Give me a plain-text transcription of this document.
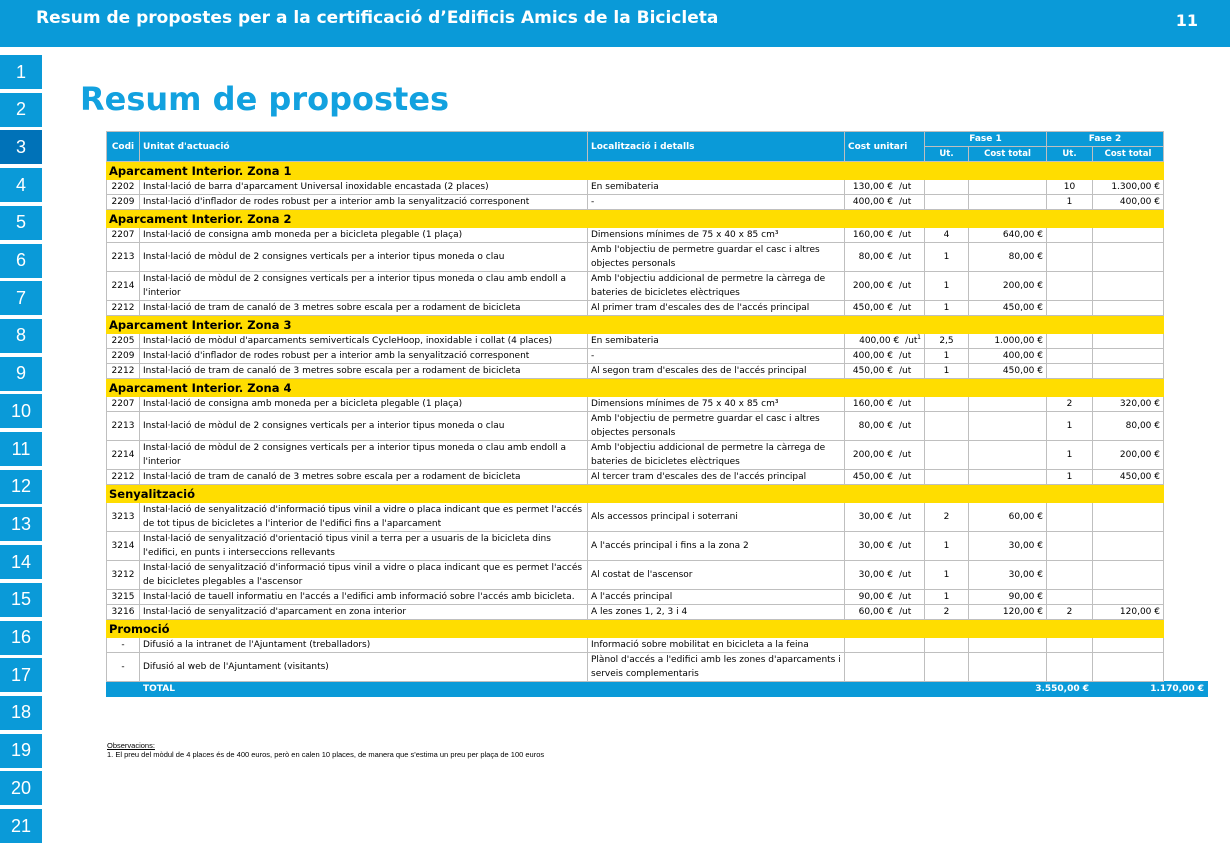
Resum de propostes per a la certificació d’Edificis Amics de la Bicicleta	11
1
2
3
4
5
6
7
8
9
10
11
12
13
14
15
16
17
18
19
20
21
Resum de propostes
Codi	Unitat d'actuació	Localització i detalls	Cost unitari	Fase 1		Fase 2	
				Ut.	Cost total	Ut.	Cost total
Aparcament Interior. Zona 1							
2202	Instal·lació de barra d'aparcament Universal inoxidable encastada (2 places)	En semibateria	130,00 € /ut			10	1.300,00 €
2209	Instal·lació d'inflador de rodes robust per a interior amb la senyalització corresponent	-	400,00 € /ut			1	400,00 €
Aparcament Interior. Zona 2							
2207	Instal·lació de consigna amb moneda per a bicicleta plegable (1 plaça)	Dimensions mínimes de 75 x 40 x 85 cm³	160,00 € /ut	4	640,00 €		
2213	Instal·lació de mòdul de 2 consignes verticals per a interior tipus moneda o clau	Amb l'objectiu de permetre guardar el casc i altres objectes personals	80,00 € /ut	1	80,00 €		
2214	Instal·lació de mòdul de 2 consignes verticals per a interior tipus moneda o clau amb endoll a l'interior	Amb l'objectiu addicional de permetre la càrrega de bateries de bicicletes elèctriques	200,00 € /ut	1	200,00 €		
2212	Instal·lació de tram de canaló de 3 metres sobre escala per a rodament de bicicleta	Al primer tram d'escales des de l'accés principal	450,00 € /ut	1	450,00 €		
Aparcament Interior. Zona 3							
2205	Instal·lació de mòdul d'aparcaments semiverticals CycleHoop, inoxidable i collat (4 places)	En semibateria	400,00 € $/ut^1$	2,5	1.000,00 €		
2209	Instal·lació d'inflador de rodes robust per a interior amb la senyalització corresponent	-	400,00 € /ut	1	400,00 €		
2212	Instal·lació de tram de canaló de 3 metres sobre escala per a rodament de bicicleta	Al segon tram d'escales des de l'accés principal	450,00 € /ut	1	450,00 €		
Aparcament Interior. Zona 4							
2207	Instal·lació de consigna amb moneda per a bicicleta plegable (1 plaça)	Dimensions mínimes de 75 x 40 x 85 cm³	160,00 € /ut			2	320,00 €
2213	Instal·lació de mòdul de 2 consignes verticals per a interior tipus moneda o clau	Amb l'objectiu de permetre guardar el casc i altres objectes personals	80,00 € /ut			1	80,00 €
2214	Instal·lació de mòdul de 2 consignes verticals per a interior tipus moneda o clau amb endoll a l'interior	Amb l'objectiu addicional de permetre la càrrega de bateries de bicicletes elèctriques	200,00 € /ut			1	200,00 €
2212	Instal·lació de tram de canaló de 3 metres sobre escala per a rodament de bicicleta	Al tercer tram d'escales des de l'accés principal	450,00 € /ut			1	450,00 €
Senyalització							
3213	Instal·lació de senyalització d'informació tipus vinil a vidre o placa indicant que es permet l'accés de tot tipus de bicicletes a l'interior de l'edifici fins a l'aparcament	Als accessos principal i soterrani	30,00 € /ut	2	60,00 €		
3214	Instal·lació de senyalització d'orientació tipus vinil a terra per a usuaris de la bicicleta dins l'edifici, en punts i interseccions rellevants	A l'accés principal i fins a la zona 2	30,00 € /ut	1	30,00 €		
3212	Instal·lació de senyalització d'informació tipus vinil a vidre o placa indicant que es permet l'accés de bicicletes plegables a l'ascensor	Al costat de l'ascensor	30,00 € /ut	1	30,00 €		
3215	Instal·lació de tauell informatiu en l'accés a l'edifici amb informació sobre l'accés amb bicicleta.	A l'accés principal	90,00 € /ut	1	90,00 €		
3216	Instal·lació de senyalització d'aparcament en zona interior	A les zones 1, 2, 3 i 4	60,00 € /ut	2	120,00 €	2	120,00 €
Promoció							
-	Difusió a la intranet de l'Ajuntament (treballadors)	Informació sobre mobilitat en bicicleta a la feina					
-	Difusió al web de l'Ajuntament (visitants)	Plànol d'accés a l'edifici amb les zones d'aparcaments i serveis complementaris					
	TOTAL				3.550,00 €		1.170,00 €
Observacions:
1. El preu del mòdul de 4 places és de 400 euros, però en calen 10 places, de manera que s'estima un preu per plaça de 100 euros
